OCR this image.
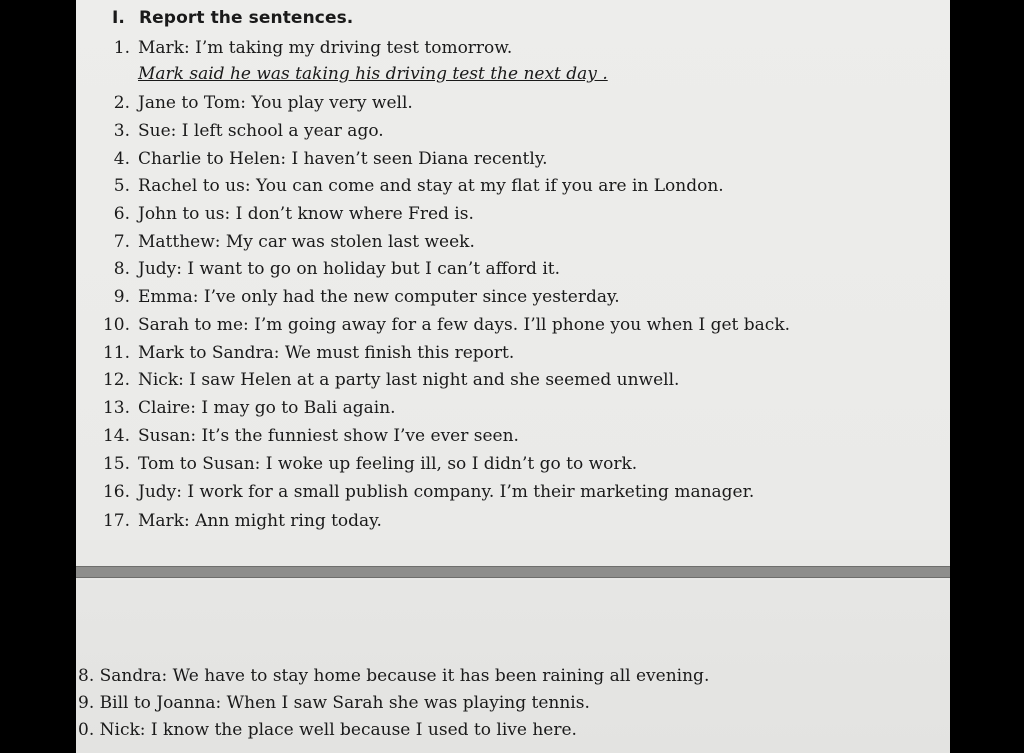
I. Report the sentences.
1. Mark: I’m taking my driving test tomorrow.
Mark said he was taking his driving test the next day .
2. Jane to Tom: You play very well.
3. Sue: I left school a year ago.
4. Charlie to Helen: I haven’t seen Diana recently.
5. Rachel to us: You can come and stay at my flat if you are in London.
6. John to us: I don’t know where Fred is.
7. Matthew: My car was stolen last week.
8. Judy: I want to go on holiday but I can’t afford it.
9. Emma: I’ve only had the new computer since yesterday.
10. Sarah to me: I’m going away for a few days. I’ll phone you when I get back.
11. Mark to Sandra: We must finish this report.
12. Nick: I saw Helen at a party last night and she seemed unwell.
13. Claire: I may go to Bali again.
14. Susan: It’s the funniest show I’ve ever seen.
15. Tom to Susan: I woke up feeling ill, so I didn’t go to work.
16. Judy: I work for a small publish company. I’m their marketing manager.
17. Mark: Ann might ring today.
8. Sandra: We have to stay home because it has been raining all evening.
9. Bill to Joanna: When I saw Sarah she was playing tennis.
0. Nick: I know the place well because I used to live here.
